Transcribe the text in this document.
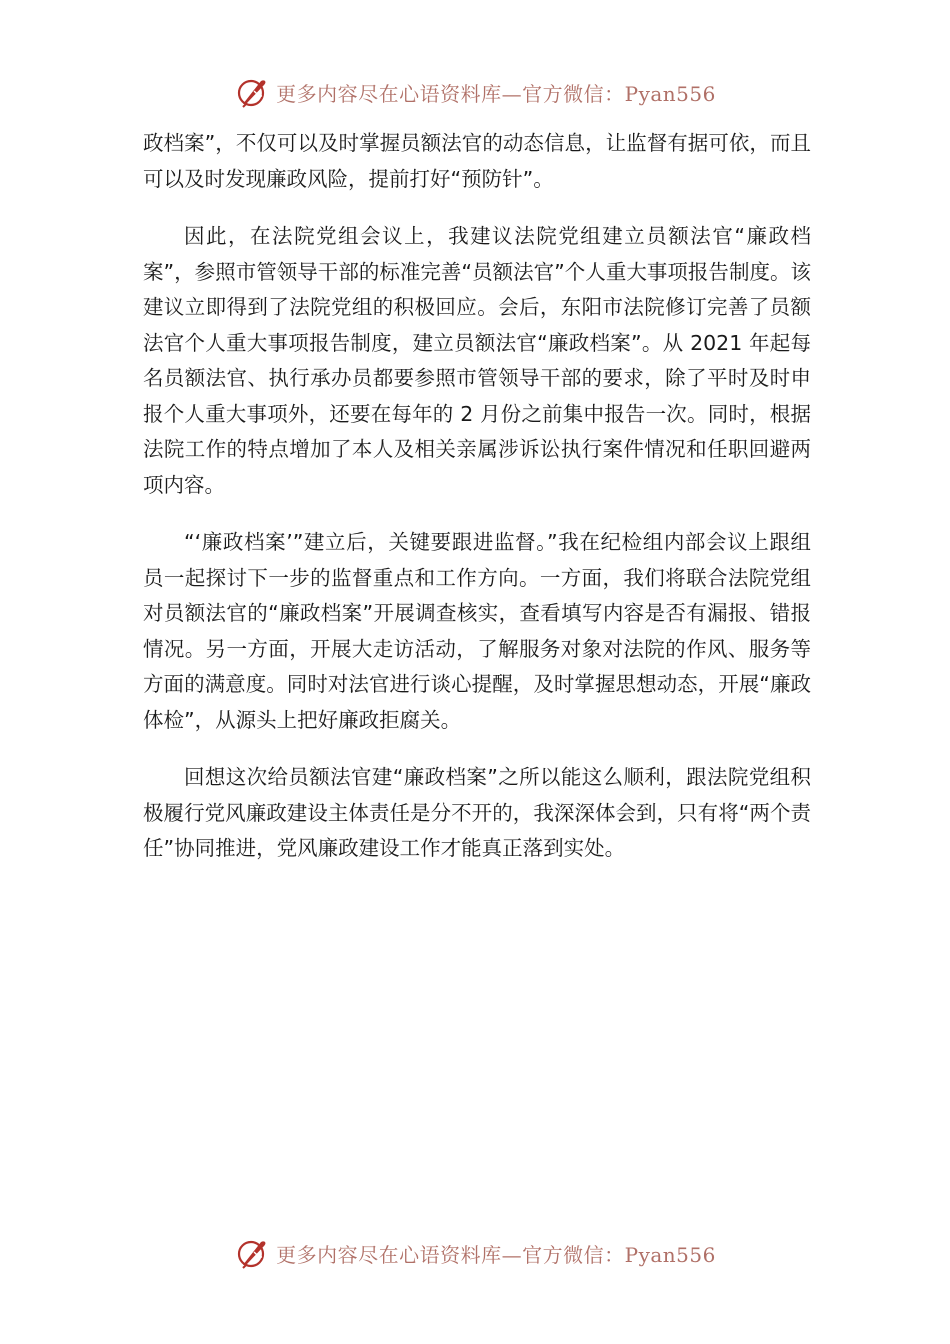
更多内容尽在心语资料库—官方微信：Pyan556

政档案”，不仅可以及时掌握员额法官的动态信息，让监督有据可依，而且可以及时发现廉政风险，提前打好“预防针”。

因此，在法院党组会议上，我建议法院党组建立员额法官“廉政档案”，参照市管领导干部的标准完善“员额法官”个人重大事项报告制度。该建议立即得到了法院党组的积极回应。会后，东阳市法院修订完善了员额法官个人重大事项报告制度，建立员额法官“廉政档案”。从 2021 年起每名员额法官、执行承办员都要参照市管领导干部的要求，除了平时及时申报个人重大事项外，还要在每年的 2 月份之前集中报告一次。同时，根据法院工作的特点增加了本人及相关亲属涉诉讼执行案件情况和任职回避两项内容。

“‘廉政档案’”建立后，关键要跟进监督。”我在纪检组内部会议上跟组员一起探讨下一步的监督重点和工作方向。一方面，我们将联合法院党组对员额法官的“廉政档案”开展调查核实，查看填写内容是否有漏报、错报情况。另一方面，开展大走访活动，了解服务对象对法院的作风、服务等方面的满意度。同时对法官进行谈心提醒，及时掌握思想动态，开展“廉政体检”，从源头上把好廉政拒腐关。

回想这次给员额法官建“廉政档案”之所以能这么顺利，跟法院党组积极履行党风廉政建设主体责任是分不开的，我深深体会到，只有将“两个责任”协同推进，党风廉政建设工作才能真正落到实处。

更多内容尽在心语资料库—官方微信：Pyan556
